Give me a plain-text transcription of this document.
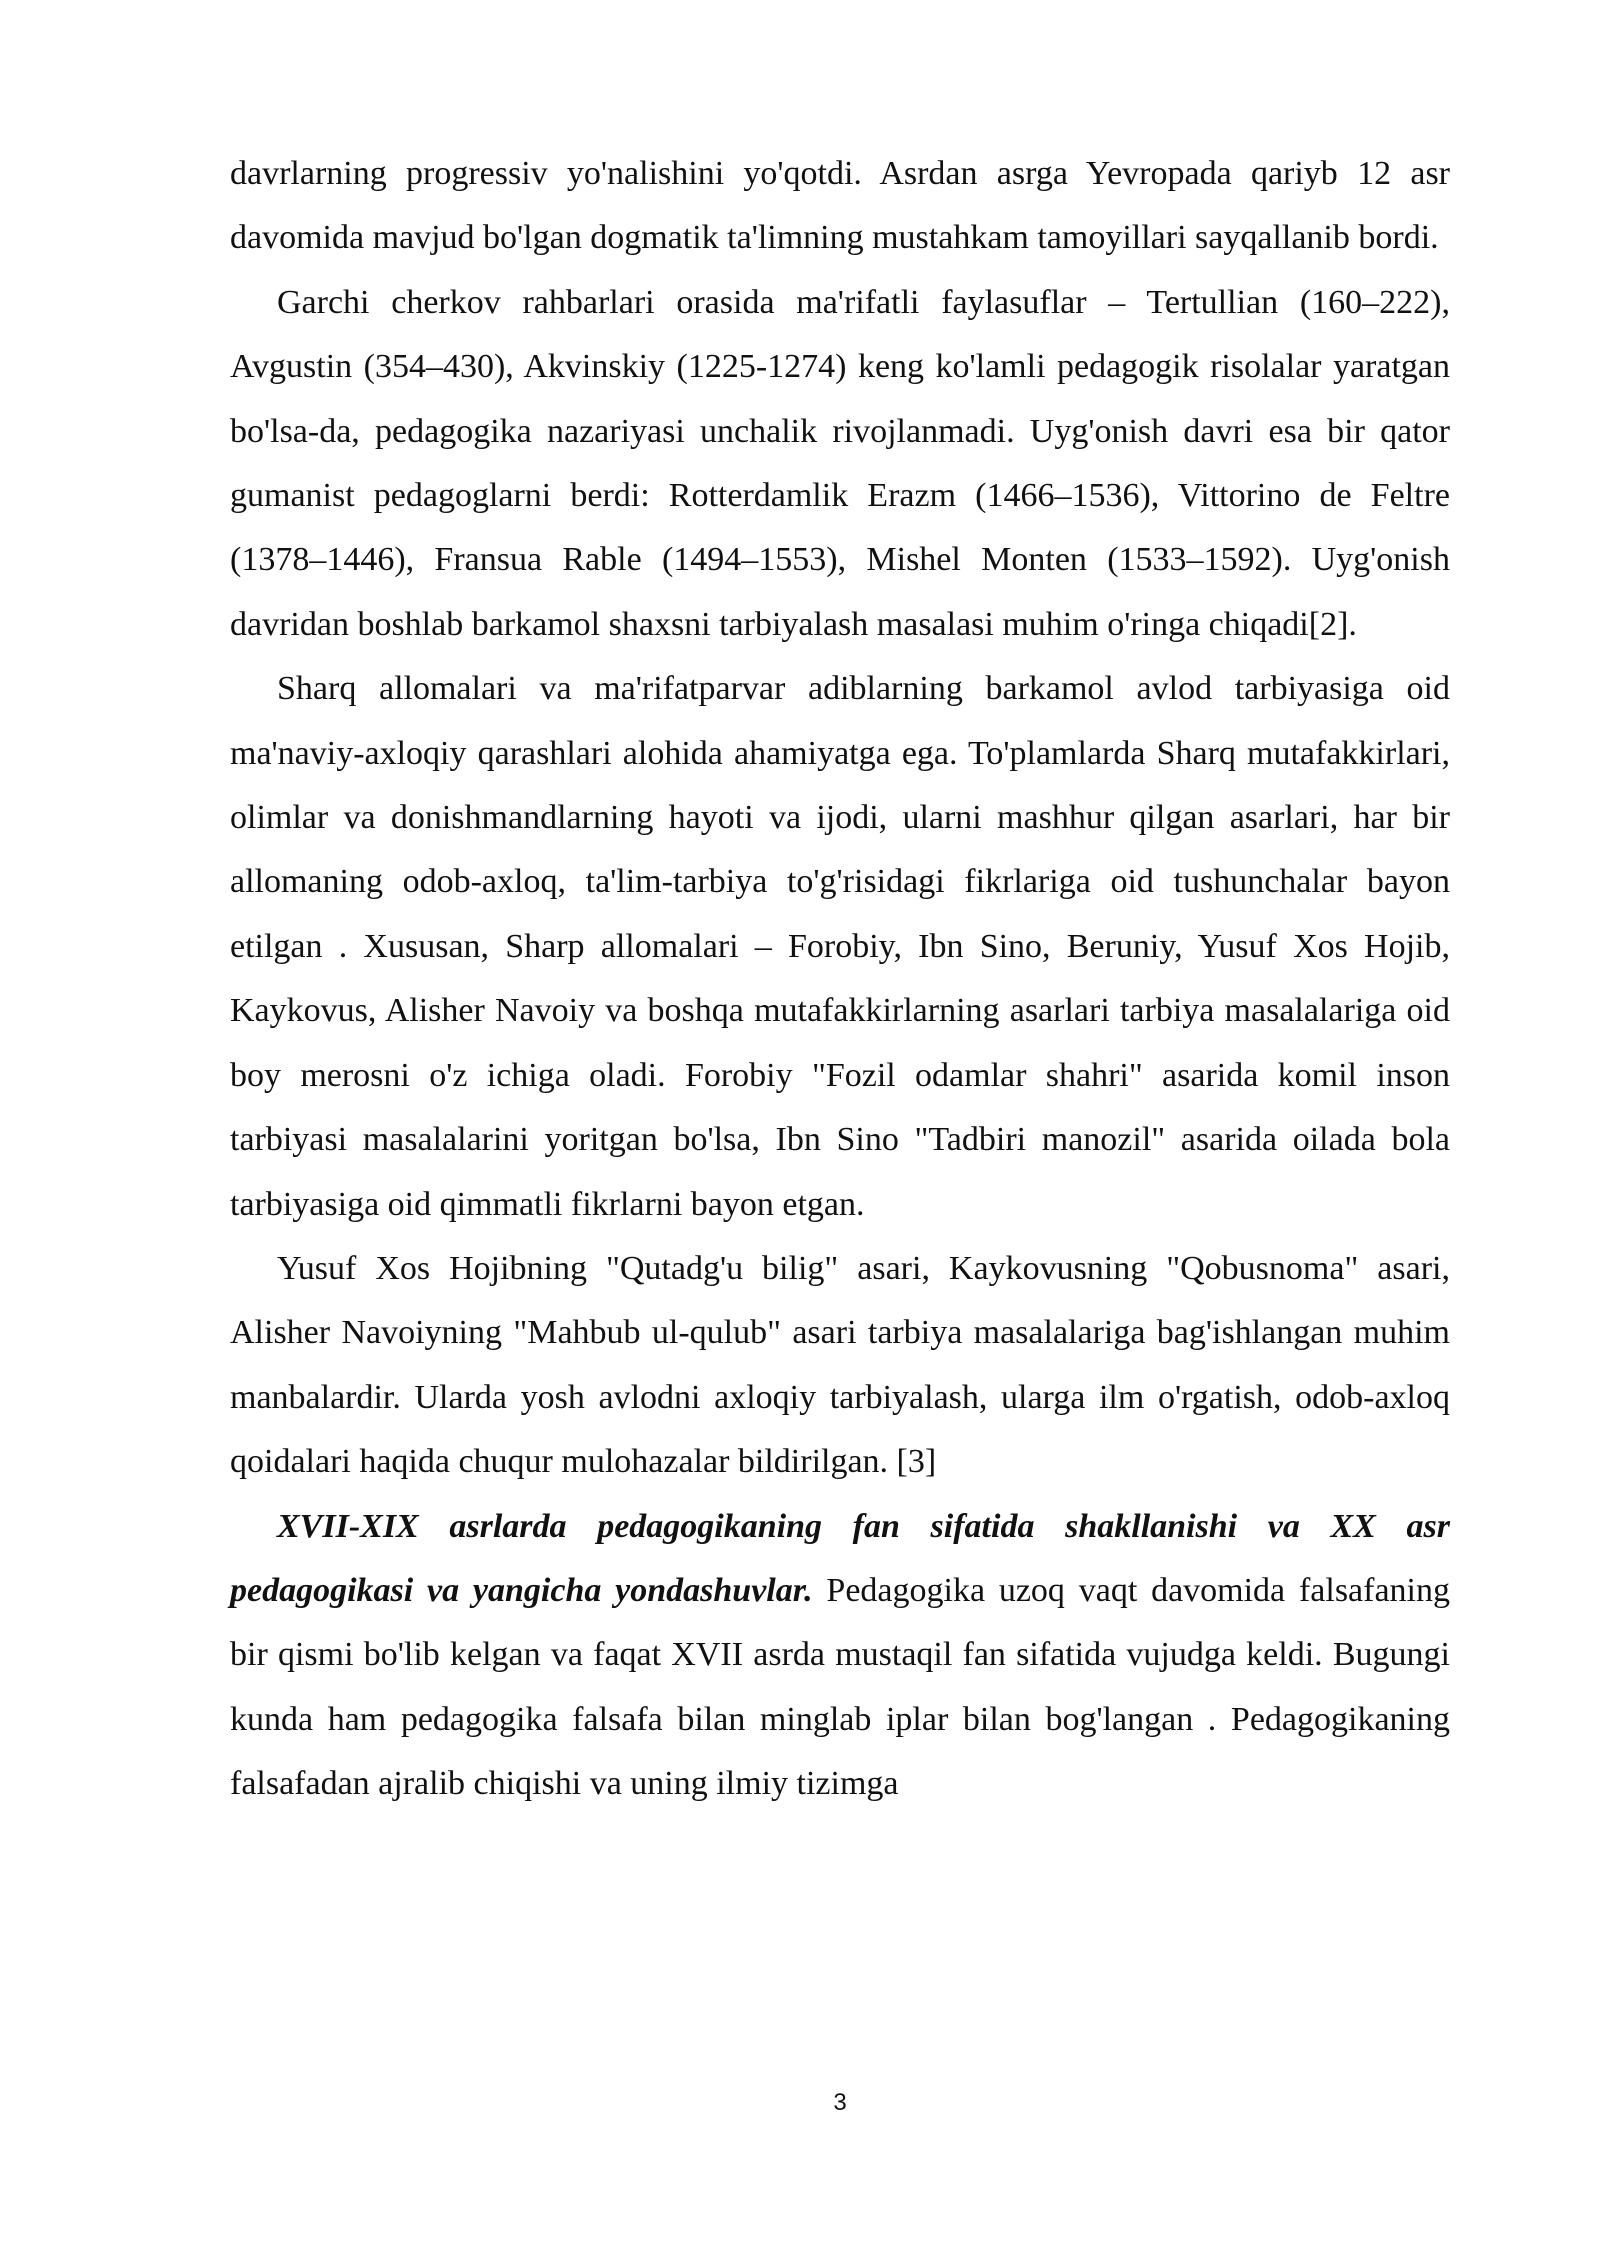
davrlarning progressiv yo'nalishini yo'qotdi. Asrdan asrga Yevropada qariyb 12 asr davomida mavjud bo'lgan dogmatik ta'limning mustahkam tamoyillari sayqallanib bordi.

Garchi cherkov rahbarlari orasida ma'rifatli faylasuflar – Tertullian (160–222), Avgustin (354–430), Akvinskiy (1225-1274) keng ko'lamli pedagogik risolalar yaratgan bo'lsa-da, pedagogika nazariyasi unchalik rivojlanmadi. Uyg'onish davri esa bir qator gumanist pedagoglarni berdi: Rotterdamlik Erazm (1466–1536), Vittorino de Feltre (1378–1446), Fransua Rable (1494–1553), Mishel Monten (1533–1592). Uyg'onish davridan boshlab barkamol shaxsni tarbiyalash masalasi muhim o'ringa chiqadi[2].

Sharq allomalari va ma'rifatparvar adiblarning barkamol avlod tarbiyasiga oid ma'naviy-axloqiy qarashlari alohida ahamiyatga ega. To'plamlarda Sharq mutafakkirlari, olimlar va donishmandlarning hayoti va ijodi, ularni mashhur qilgan asarlari, har bir allomaning odob-axloq, ta'lim-tarbiya to'g'risidagi fikrlariga oid tushunchalar bayon etilgan . Xususan, Sharp allomalari – Forobiy, Ibn Sino, Beruniy, Yusuf Xos Hojib, Kaykovus, Alisher Navoiy va boshqa mutafakkirlarning asarlari tarbiya masalalariga oid boy merosni o'z ichiga oladi. Forobiy "Fozil odamlar shahri" asarida komil inson tarbiyasi masalalarini yoritgan bo'lsa, Ibn Sino "Tadbiri manozil" asarida oilada bola tarbiyasiga oid qimmatli fikrlarni bayon etgan.

Yusuf Xos Hojibning "Qutadg'u bilig" asari, Kaykovusning "Qobusnoma" asari, Alisher Navoiyning "Mahbub ul-qulub" asari tarbiya masalalariga bag'ishlangan muhim manbalardir. Ularda yosh avlodni axloqiy tarbiyalash, ularga ilm o'rgatish, odob-axloq qoidalari haqida chuqur mulohazalar bildirilgan. [3]

XVII-XIX asrlarda pedagogikaning fan sifatida shakllanishi va XX asr pedagogikasi va yangicha yondashuvlar. Pedagogika uzoq vaqt davomida falsafaning bir qismi bo'lib kelgan va faqat XVII asrda mustaqil fan sifatida vujudga keldi. Bugungi kunda ham pedagogika falsafa bilan minglab iplar bilan bog'langan . Pedagogikaning falsafadan ajralib chiqishi va uning ilmiy tizimga

3
